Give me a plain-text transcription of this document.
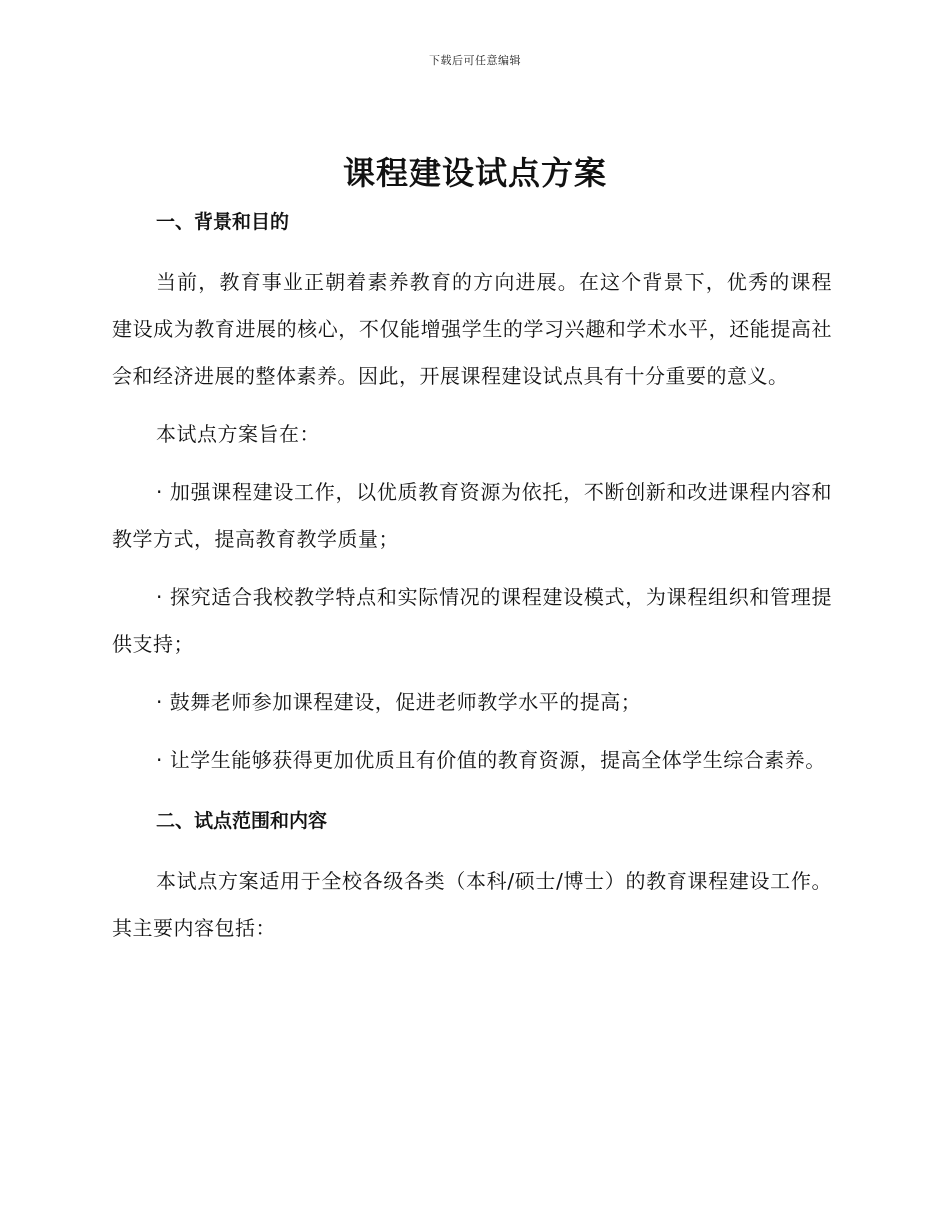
下载后可任意编辑
课程建设试点方案

一、背景和目的

当前，教育事业正朝着素养教育的方向进展。在这个背景下，优秀的课程建设成为教育进展的核心，不仅能增强学生的学习兴趣和学术水平，还能提高社会和经济进展的整体素养。因此，开展课程建设试点具有十分重要的意义。

本试点方案旨在：

· 加强课程建设工作，以优质教育资源为依托，不断创新和改进课程内容和教学方式，提高教育教学质量；

· 探究适合我校教学特点和实际情况的课程建设模式，为课程组织和管理提供支持；

· 鼓舞老师参加课程建设，促进老师教学水平的提高；

· 让学生能够获得更加优质且有价值的教育资源，提高全体学生综合素养。

二、试点范围和内容

本试点方案适用于全校各级各类（本科/硕士/博士）的教育课程建设工作。其主要内容包括：
